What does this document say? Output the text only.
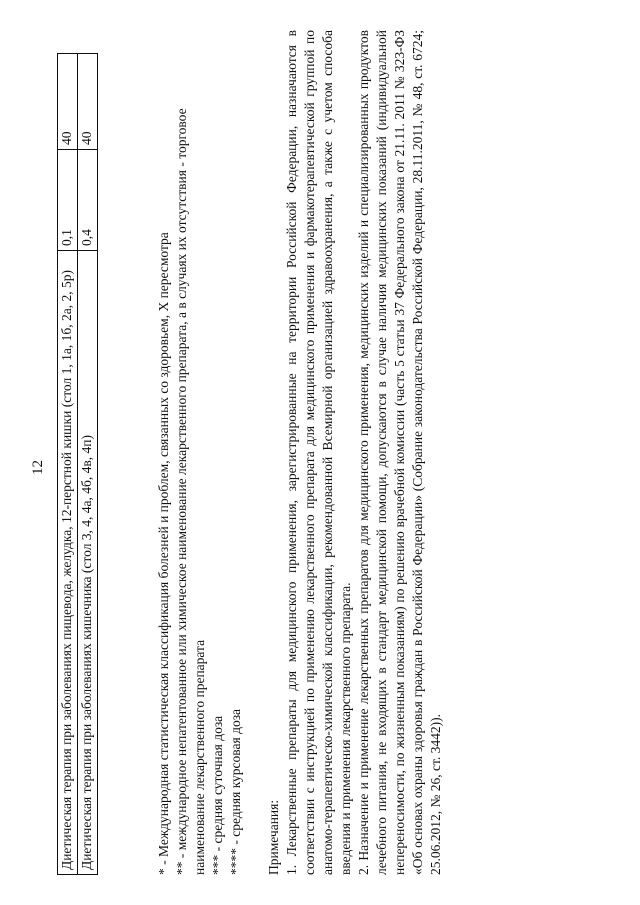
12 Диетическая терапия при заболеваниях пищевода, желудка, 12-перстной кишки (стол 1, 1а, 1б, 2а, 2, 5р)	0,1	40
Диетическая терапия при заболеваниях кишечника (стол 3, 4, 4а, 4б, 4в, 4п)	0,4	40

* - Международная статистическая классификация болезней и проблем, связанных со здоровьем, X пересмотра ** - международное непатентованное или химическое наименование лекарственного препарата, а в случаях их отсутствия - торговое наименование лекарственного препарата *** - средняя суточная доза **** - средняя курсовая доза Примечания: 1. Лекарственные препараты для медицинского применения, зарегистрированные на территории Российской Федерации, назначаются в соответствии с инструкцией по применению лекарственного препарата для медицинского применения и фармакотерапевтической группой по анатомо-терапевтическо-химической классификации, рекомендованной Всемирной организацией здравоохранения, а также с учетом способа введения и применения лекарственного препарата. 2. Назначение и применение лекарственных препаратов для медицинского применения, медицинских изделий и специализированных продуктов лечебного питания, не входящих в стандарт медицинской помощи, допускаются в случае наличия медицинских показаний (индивидуальной непереносимости, по жизненным показаниям) по решению врачебной комиссии (часть 5 статьи 37 Федерального закона от 21.11. 2011 № 323-ФЗ «Об основах охраны здоровья граждан в Российской Федерации» (Собрание законодательства Российской Федерации, 28.11.2011, № 48, ст. 6724; 25.06.2012, № 26, ст. 3442)).
